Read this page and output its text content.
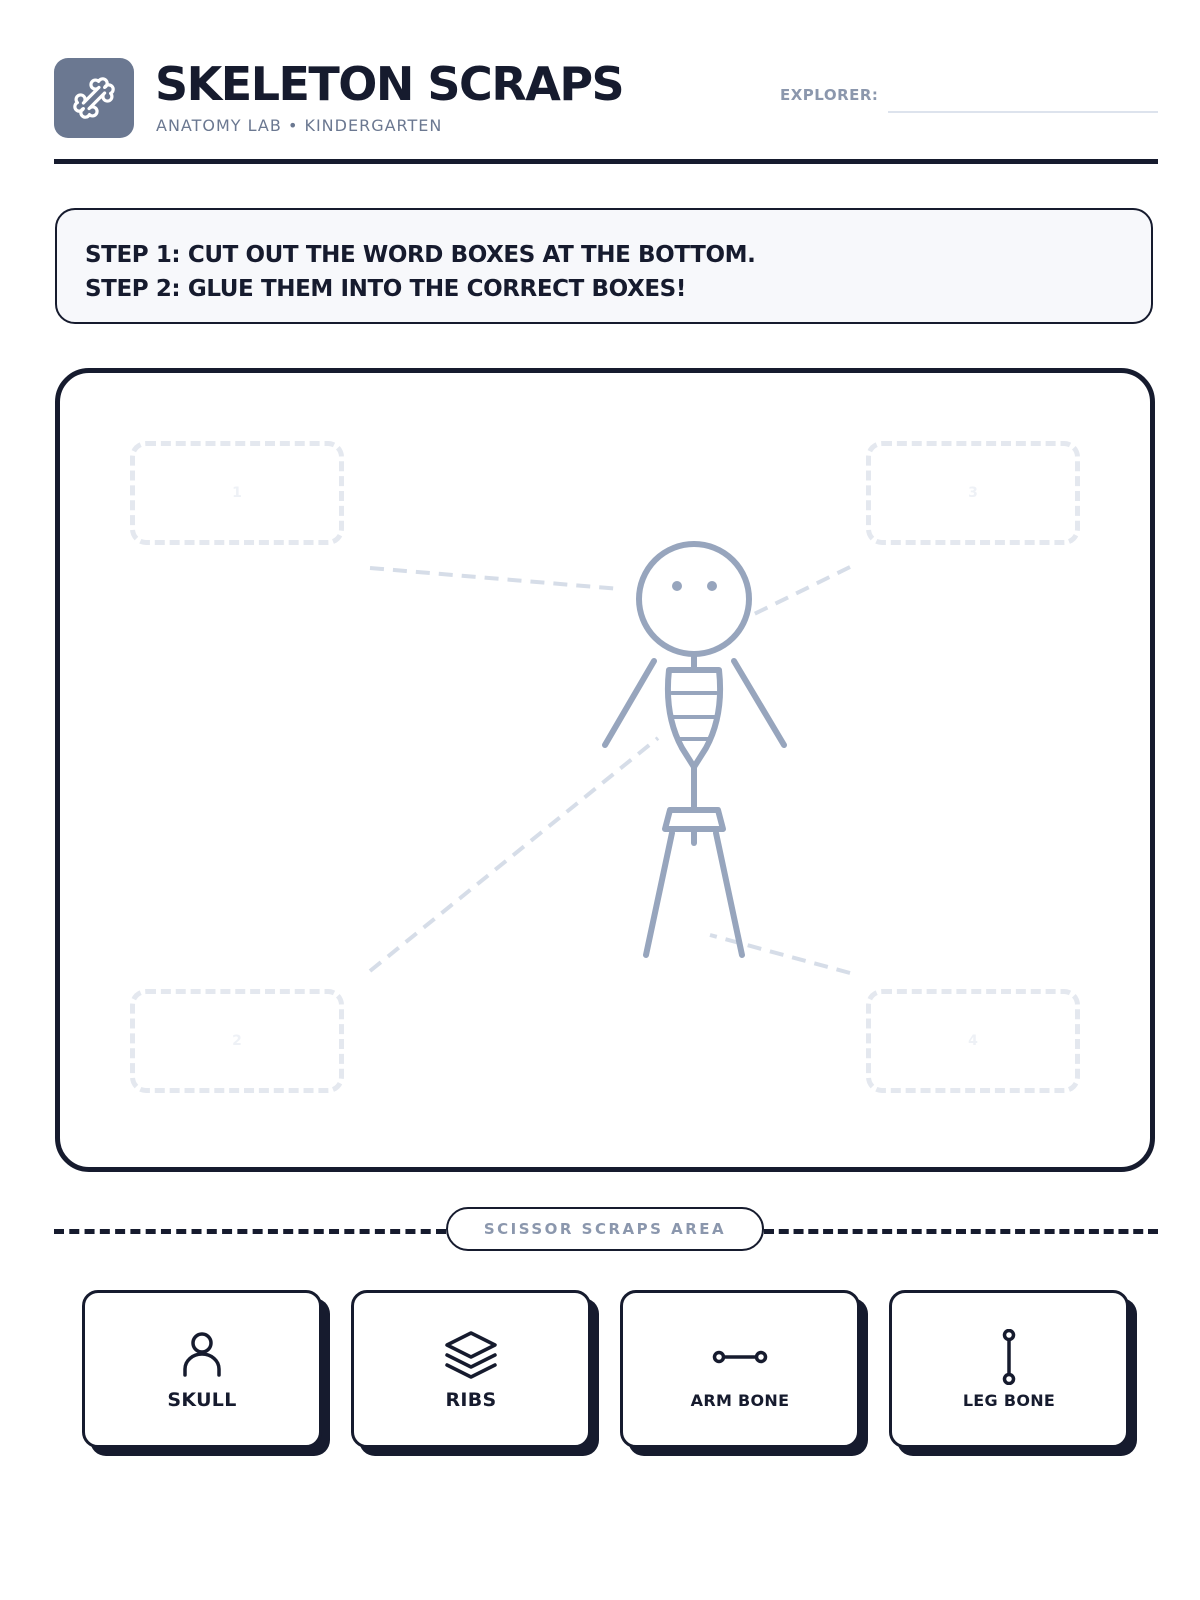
SKELETON SCRAPS
ANATOMY LAB • KINDERGARTEN
EXPLORER:
STEP 1: CUT OUT THE WORD BOXES AT THE BOTTOM.
STEP 2: GLUE THEM INTO THE CORRECT BOXES!
1	3
2	4
SCISSOR SCRAPS AREA
SKULL	RIBS	ARM BONE	LEG BONE
